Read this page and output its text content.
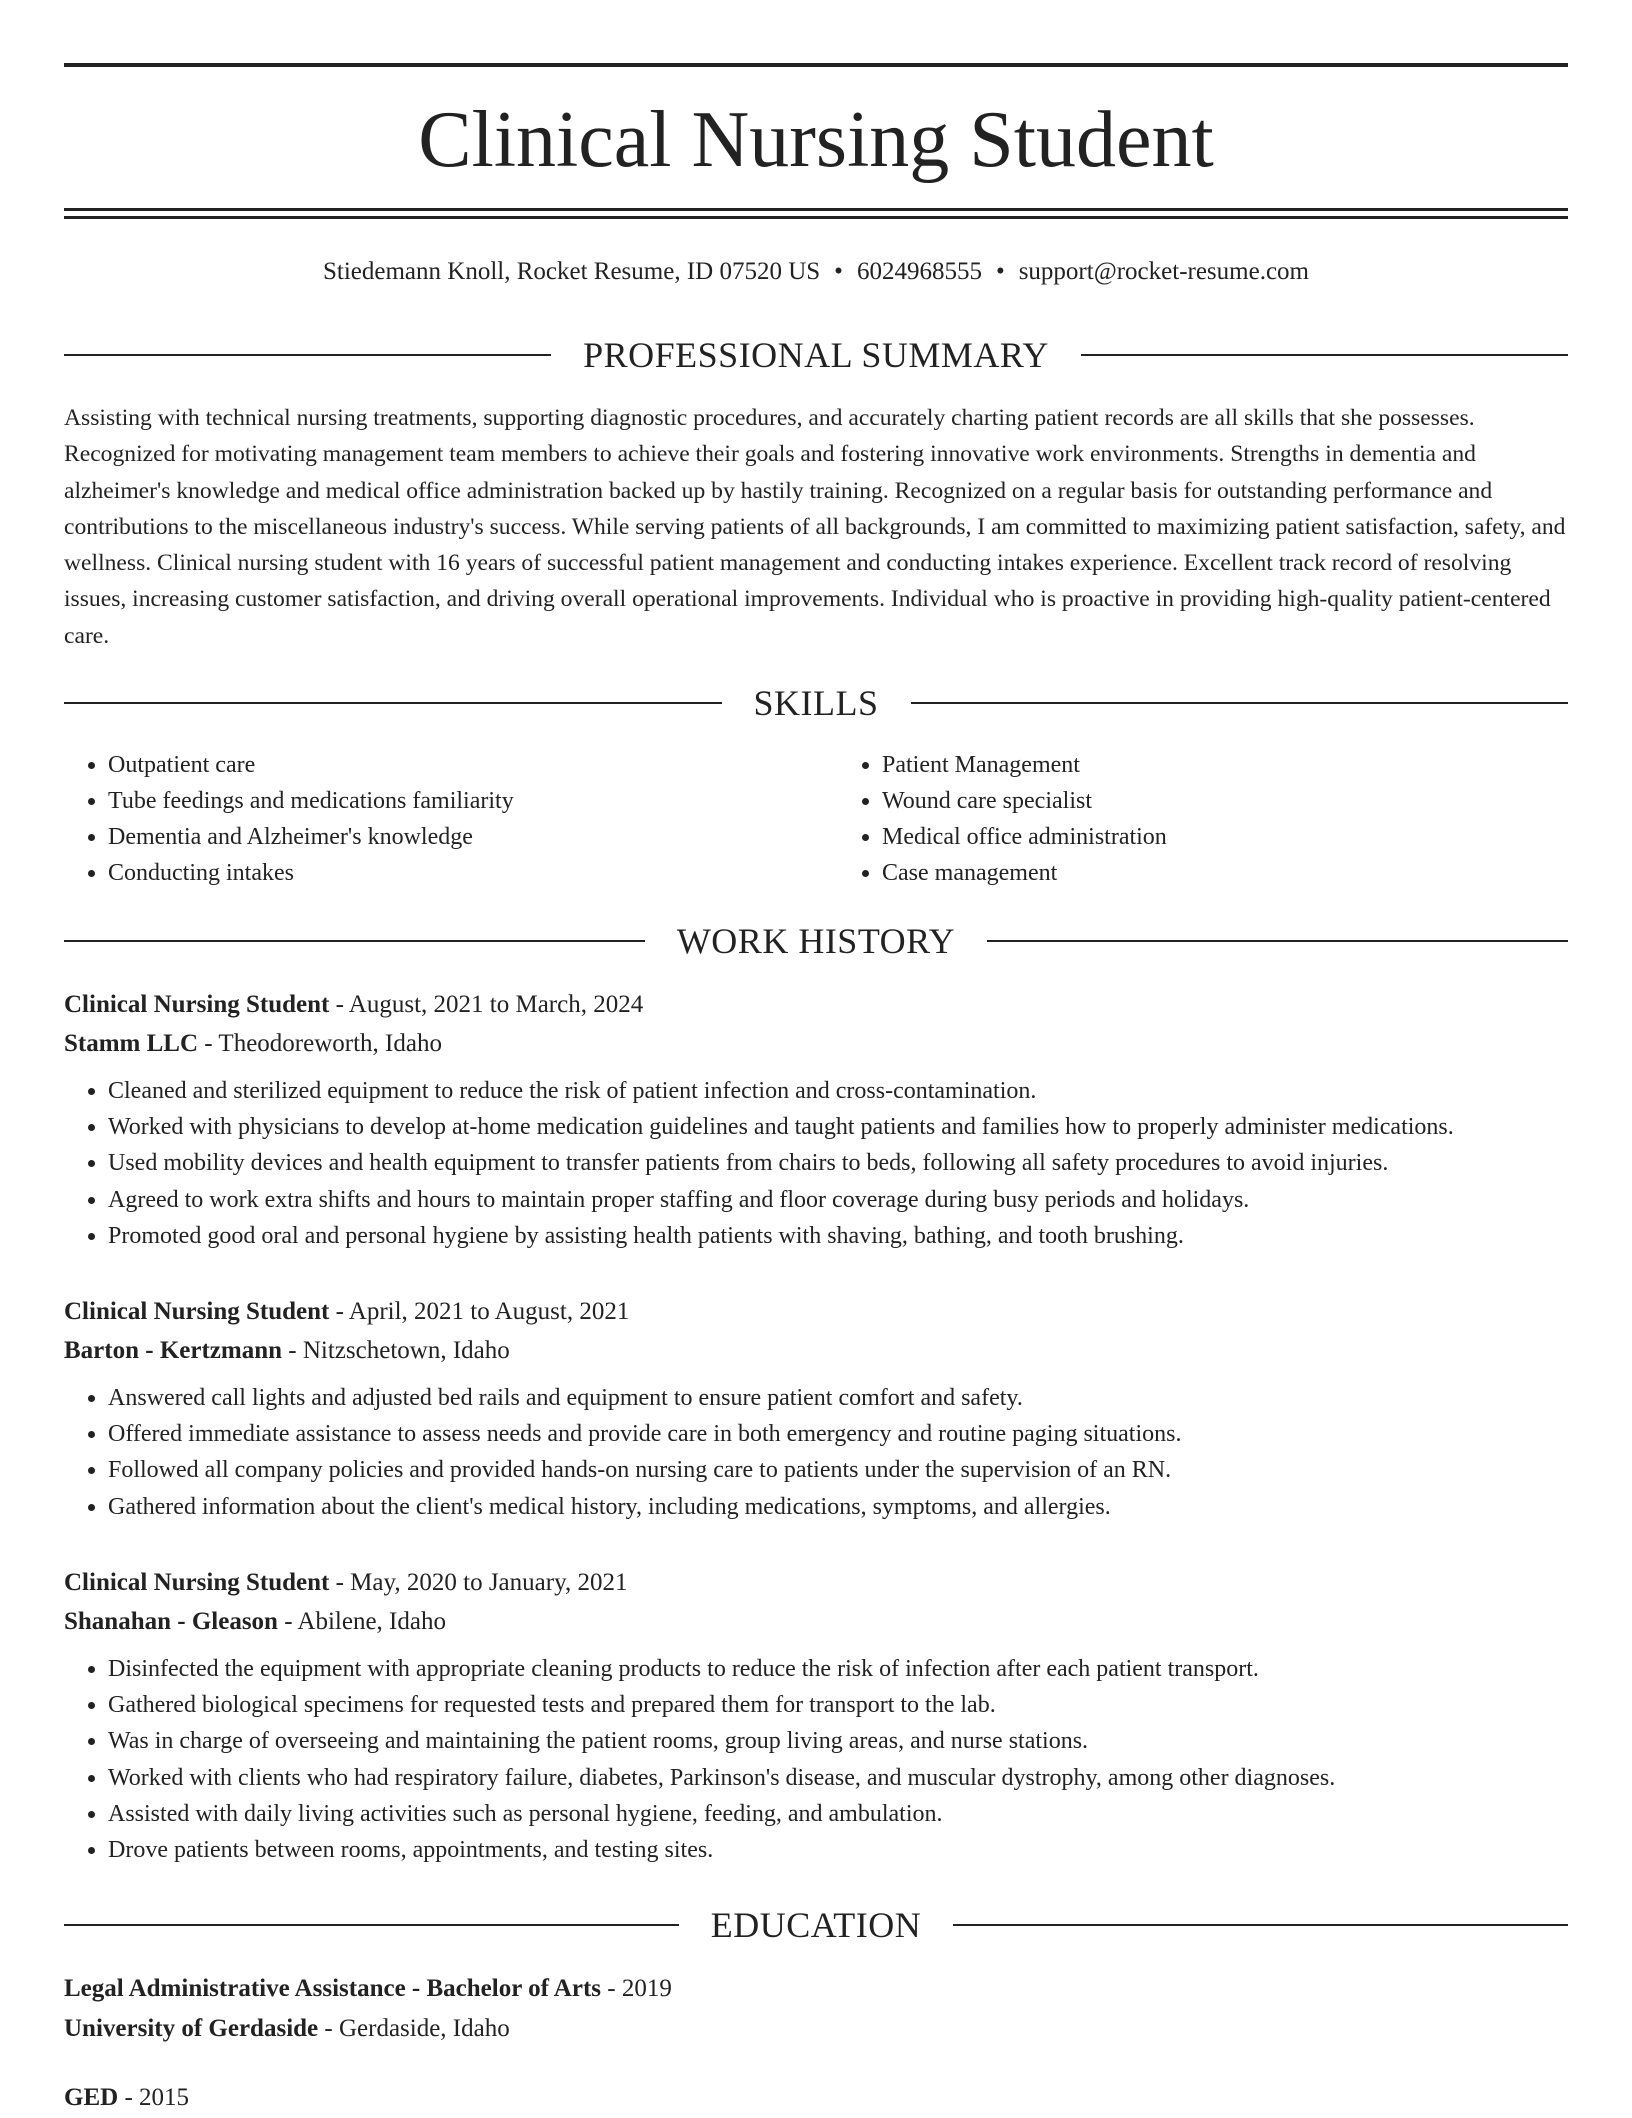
Clinical Nursing Student
Stiedemann Knoll, Rocket Resume, ID 07520 US • 6024968555 • support@rocket-resume.com
PROFESSIONAL SUMMARY

Assisting with technical nursing treatments, supporting diagnostic procedures, and accurately charting patient records are all skills that she possesses. Recognized for motivating management team members to achieve their goals and fostering innovative work environments. Strengths in dementia and alzheimer's knowledge and medical office administration backed up by hastily training. Recognized on a regular basis for outstanding performance and contributions to the miscellaneous industry's success. While serving patients of all backgrounds, I am committed to maximizing patient satisfaction, safety, and wellness. Clinical nursing student with 16 years of successful patient management and conducting intakes experience. Excellent track record of resolving issues, increasing customer satisfaction, and driving overall operational improvements. Individual who is proactive in providing high-quality patient-centered care.

SKILLS
• Outpatient care
• Tube feedings and medications familiarity
• Dementia and Alzheimer's knowledge
• Conducting intakes
• Patient Management
• Wound care specialist
• Medical office administration
• Case management
WORK HISTORY

Clinical Nursing Student - August, 2021 to March, 2024

Stamm LLC - Theodoreworth, Idaho

• Cleaned and sterilized equipment to reduce the risk of patient infection and cross-contamination.
• Worked with physicians to develop at-home medication guidelines and taught patients and families how to properly administer medications.
• Used mobility devices and health equipment to transfer patients from chairs to beds, following all safety procedures to avoid injuries.
• Agreed to work extra shifts and hours to maintain proper staffing and floor coverage during busy periods and holidays.
• Promoted good oral and personal hygiene by assisting health patients with shaving, bathing, and tooth brushing.

Clinical Nursing Student - April, 2021 to August, 2021

Barton - Kertzmann - Nitzschetown, Idaho

• Answered call lights and adjusted bed rails and equipment to ensure patient comfort and safety.
• Offered immediate assistance to assess needs and provide care in both emergency and routine paging situations.
• Followed all company policies and provided hands-on nursing care to patients under the supervision of an RN.
• Gathered information about the client's medical history, including medications, symptoms, and allergies.

Clinical Nursing Student - May, 2020 to January, 2021

Shanahan - Gleason - Abilene, Idaho

• Disinfected the equipment with appropriate cleaning products to reduce the risk of infection after each patient transport.
• Gathered biological specimens for requested tests and prepared them for transport to the lab.
• Was in charge of overseeing and maintaining the patient rooms, group living areas, and nurse stations.
• Worked with clients who had respiratory failure, diabetes, Parkinson's disease, and muscular dystrophy, among other diagnoses.
• Assisted with daily living activities such as personal hygiene, feeding, and ambulation.
• Drove patients between rooms, appointments, and testing sites.
EDUCATION
Legal Administrative Assistance - Bachelor of Arts - 2019
University of Gerdaside - Gerdaside, Idaho
GED - 2015
